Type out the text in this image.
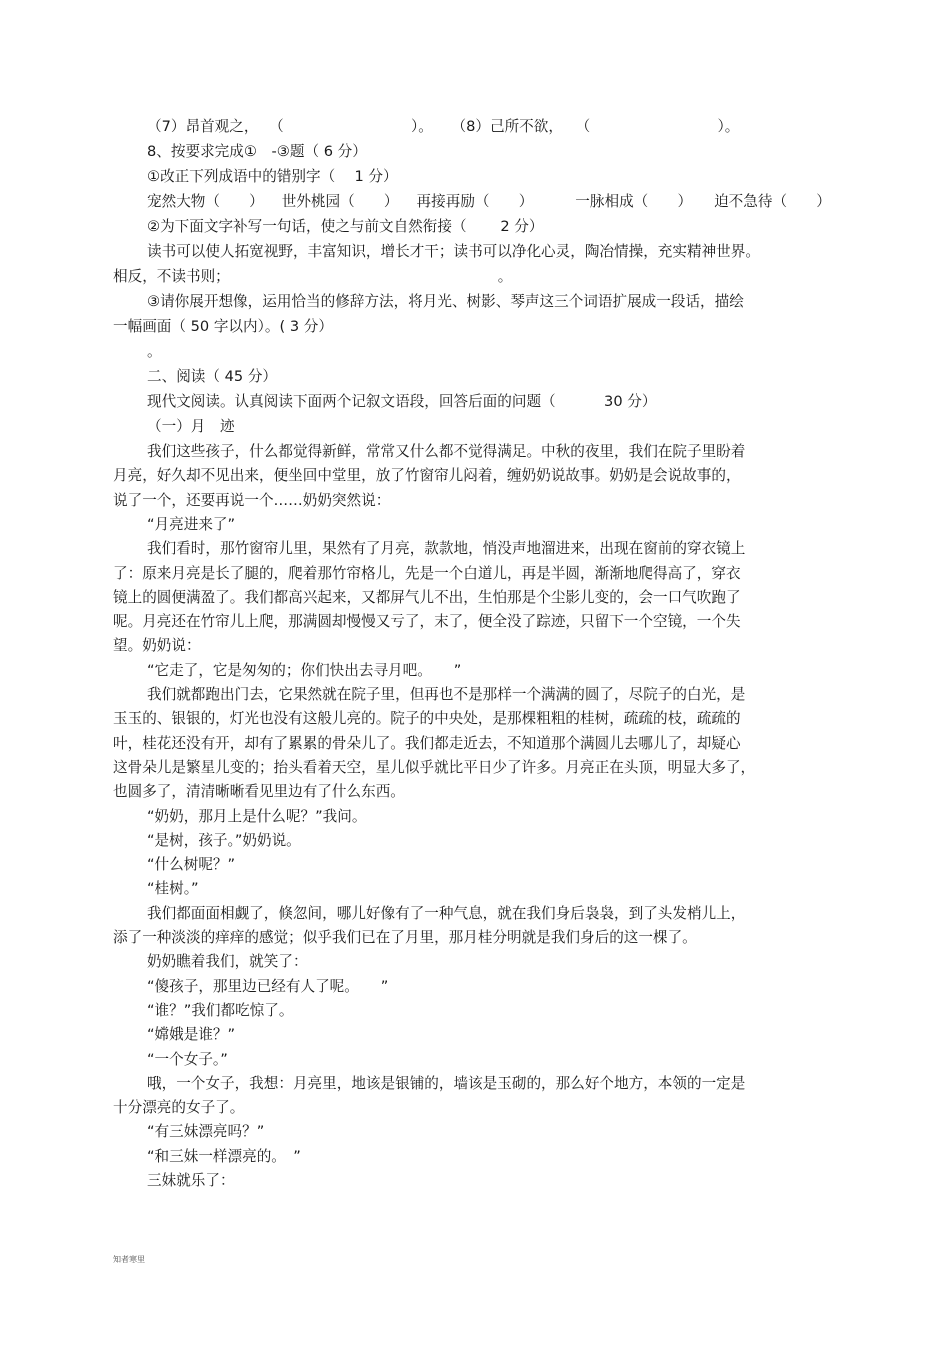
（7）昂首观之， （	）。 （8）己所不欲， （	）。
8、按要求完成①　-③题（ 6 分）
①改正下列成语中的错别字（　 1 分）
宠然大物（　　） 世外桃园（　　） 再接再励（　　）	一脉相成（　　） 迫不急待（　　）
②为下面文字补写一句话，使之与前文自然衔接（　　 2 分）
读书可以使人拓宽视野，丰富知识，增长才干；读书可以净化心灵，陶冶情操，充实精神世界。
相反，不读书则；	。
③请你展开想像，运用恰当的修辞方法，将月光、树影、琴声这三个词语扩展成一段话，描绘
一幅画面（ 50 字以内）。( 3 分）
。
二、阅读（ 45 分）
现代文阅读。认真阅读下面两个记叙文语段，回答后面的问题（　　　 30 分）
（一）月　迹
我们这些孩子，什么都觉得新鲜，常常又什么都不觉得满足。中秋的夜里，我们在院子里盼着
月亮，好久却不见出来，便坐回中堂里，放了竹窗帘儿闷着，缠奶奶说故事。奶奶是会说故事的，
说了一个，还要再说一个……奶奶突然说：
“月亮进来了”
我们看时，那竹窗帘儿里，果然有了月亮，款款地，悄没声地溜进来，出现在窗前的穿衣镜上
了：原来月亮是长了腿的，爬着那竹帘格儿，先是一个白道儿，再是半圆，渐渐地爬得高了，穿衣
镜上的圆便满盈了。我们都高兴起来，又都屏气儿不出，生怕那是个尘影儿变的，会一口气吹跑了
呢。月亮还在竹帘儿上爬，那满圆却慢慢又亏了，末了，便全没了踪迹，只留下一个空镜，一个失
望。奶奶说：
“它走了，它是匆匆的；你们快出去寻月吧。　　”
我们就都跑出门去，它果然就在院子里，但再也不是那样一个满满的圆了，尽院子的白光，是
玉玉的、银银的，灯光也没有这般儿亮的。院子的中央处，是那棵粗粗的桂树，疏疏的枝，疏疏的
叶，桂花还没有开，却有了累累的骨朵儿了。我们都走近去，不知道那个满圆儿去哪儿了，却疑心
这骨朵儿是繁星儿变的；抬头看着天空，星儿似乎就比平日少了许多。月亮正在头顶，明显大多了，
也圆多了，清清晰晰看见里边有了什么东西。
“奶奶，那月上是什么呢？”我问。
“是树，孩子。”奶奶说。
“什么树呢？”
“桂树。”
我们都面面相觑了，倏忽间，哪儿好像有了一种气息，就在我们身后袅袅，到了头发梢儿上，
添了一种淡淡的痒痒的感觉；似乎我们已在了月里，那月桂分明就是我们身后的这一棵了。
奶奶瞧着我们，就笑了：
“傻孩子，那里边已经有人了呢。　　”
“谁？”我们都吃惊了。
“嫦娥是谁？”
“一个女子。”
哦，一个女子，我想：月亮里，地该是银铺的，墙该是玉砌的，那么好个地方，本领的一定是
十分漂亮的女子了。
“有三妹漂亮吗？”
“和三妹一样漂亮的。　”
三妹就乐了：
知者寒里
